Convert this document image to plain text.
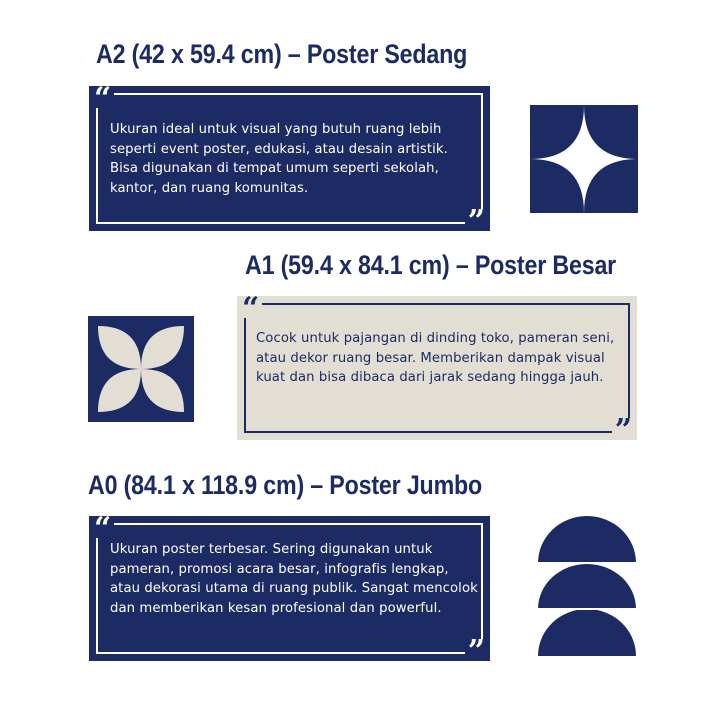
A2 (42 x 59.4 cm) – Poster Sedang
“

Ukuran ideal untuk visual yang butuh ruang lebih seperti event poster, edukasi, atau desain artistik. Bisa digunakan di tempat umum seperti sekolah, kantor, dan ruang komunitas.

”
A1 (59.4 x 84.1 cm) – Poster Besar
“

Cocok untuk pajangan di dinding toko, pameran seni, atau dekor ruang besar. Memberikan dampak visual kuat dan bisa dibaca dari jarak sedang hingga jauh.

”
A0 (84.1 x 118.9 cm) – Poster Jumbo
“

Ukuran poster terbesar. Sering digunakan untuk pameran, promosi acara besar, infografis lengkap, atau dekorasi utama di ruang publik. Sangat mencolok dan memberikan kesan profesional dan powerful.

”
